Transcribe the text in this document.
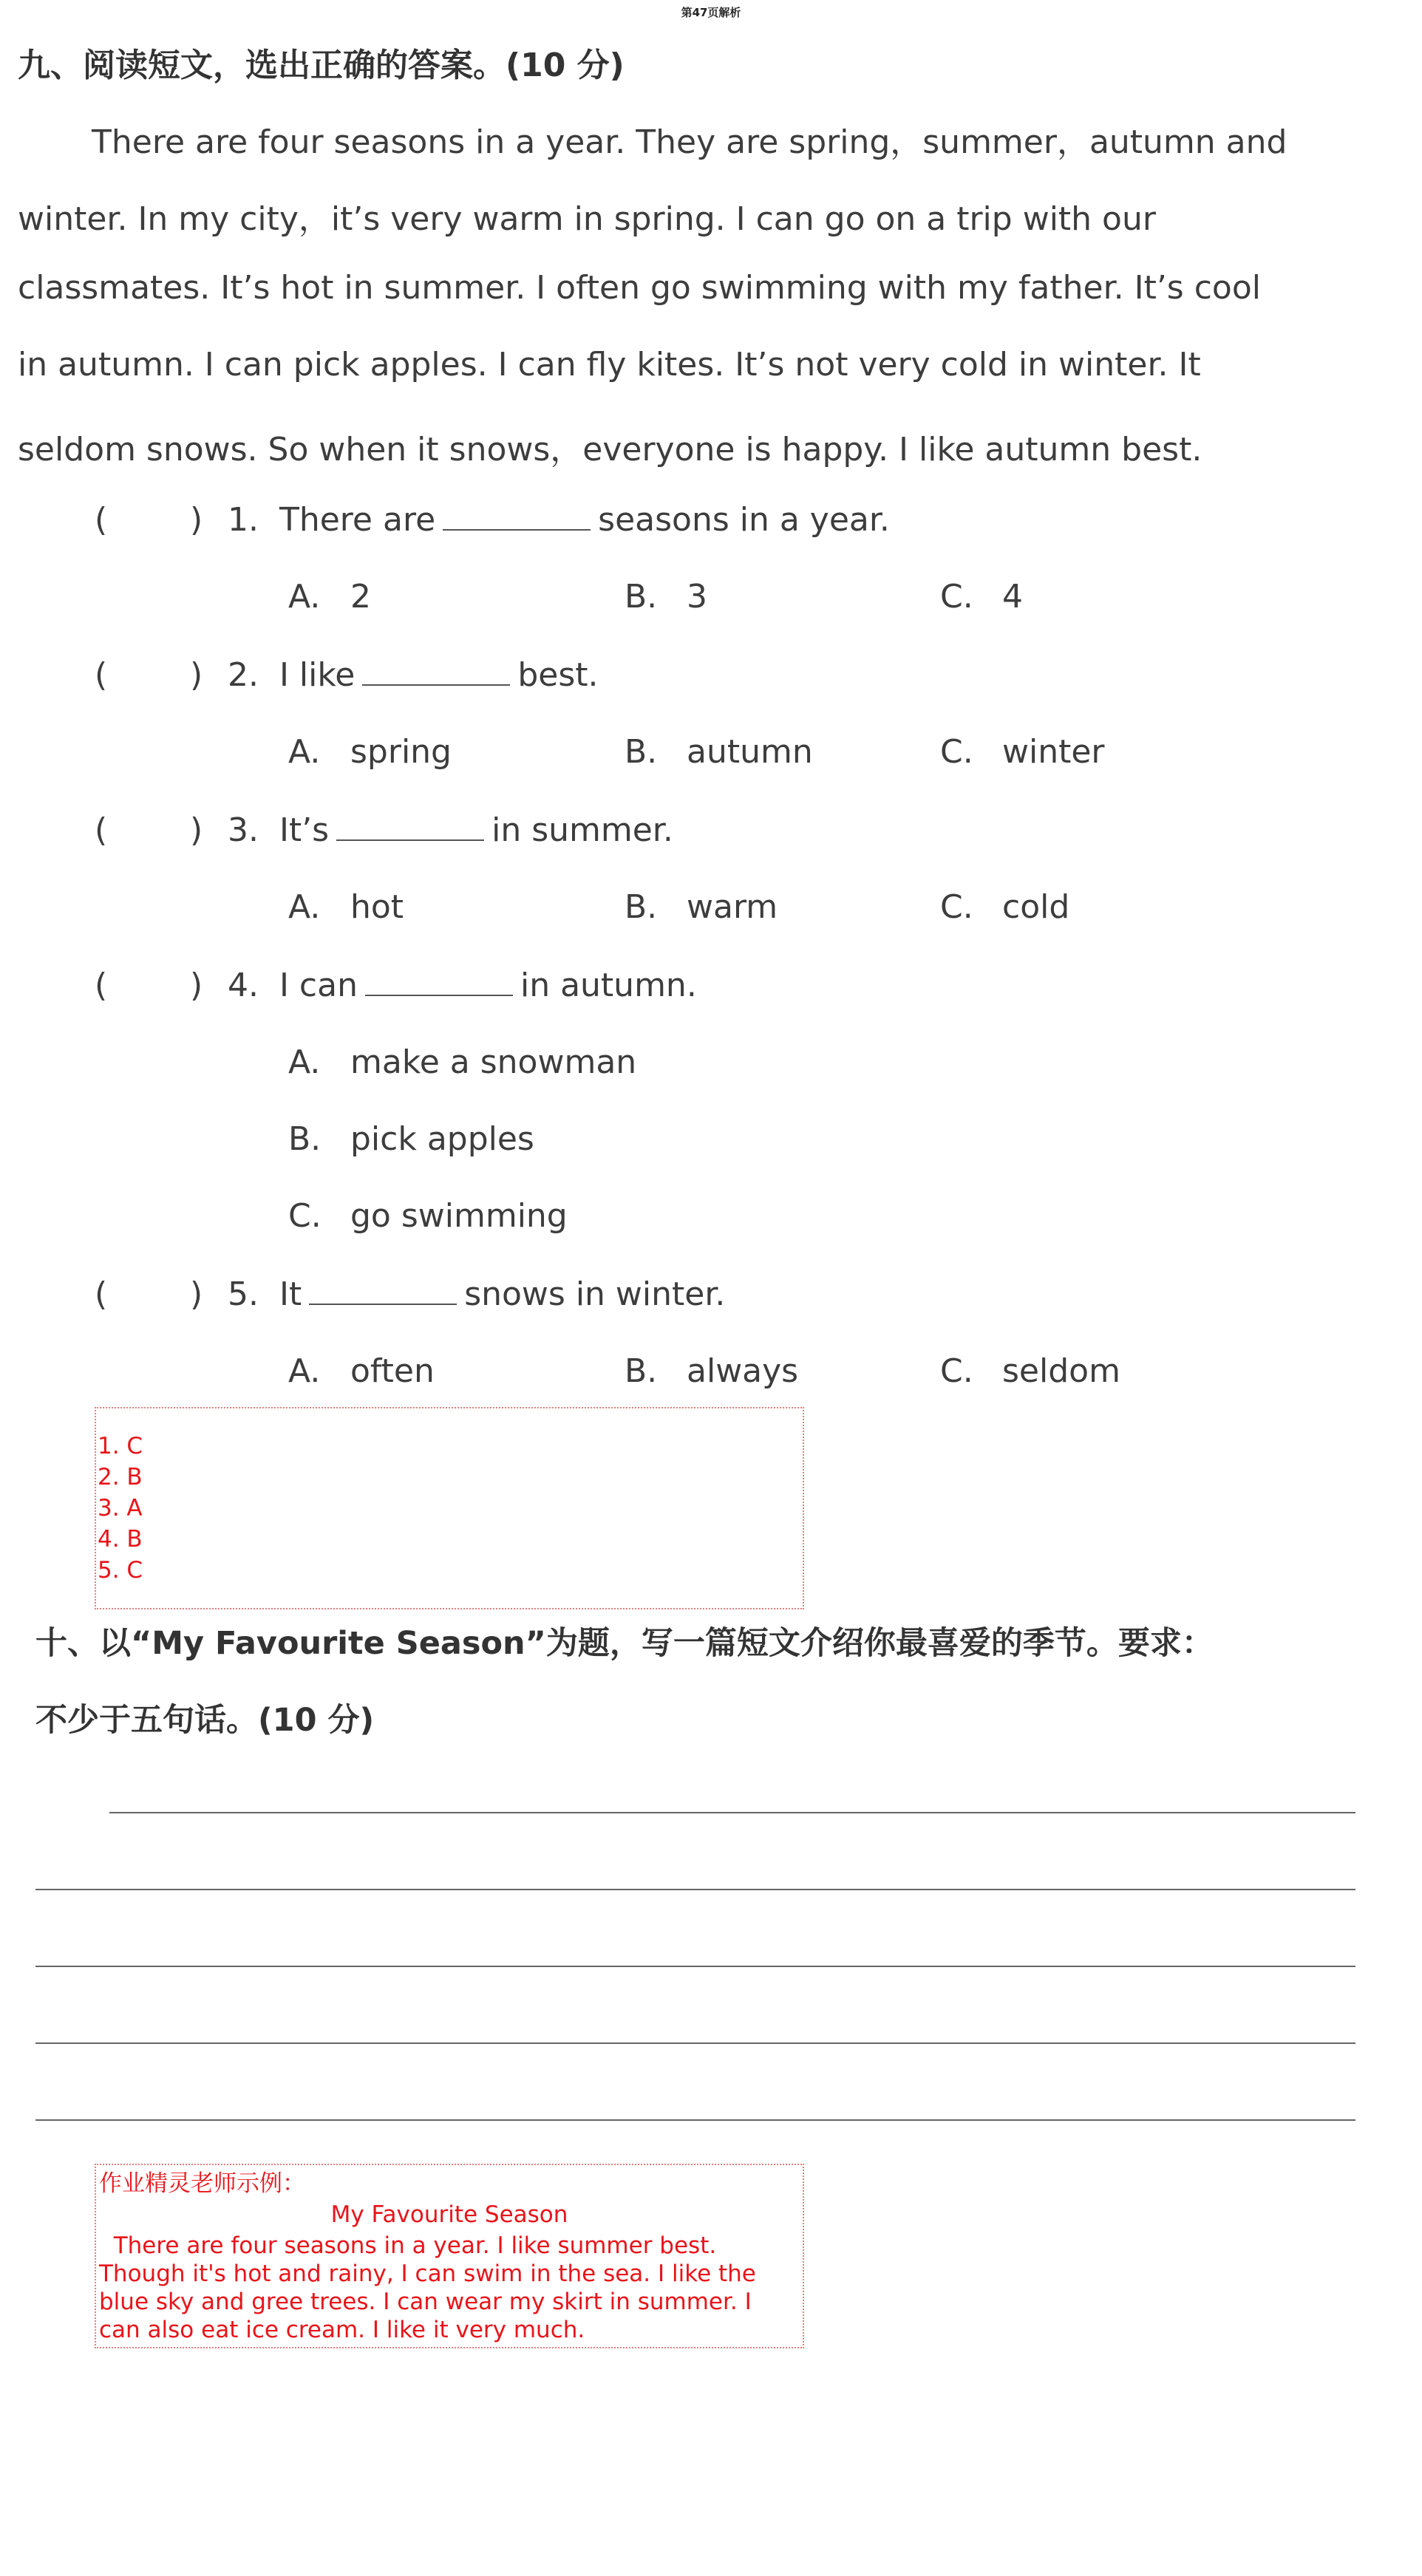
第47页解析
九、阅读短文，选出正确的答案。(10 分)
There are four seasons in a year. They are spring，summer，autumn and
winter. In my city，it’s very warm in spring. I can go on a trip with our
classmates. It’s hot in summer. I often go swimming with my father. It’s cool
in autumn. I can pick apples. I can fly kites. It’s not very cold in winter. It
seldom snows. So when it snows，everyone is happy. I like autumn best.
(        ) 1. There are	seasons in a year.
A. 2	B. 3	C. 4
(        ) 2. I like	best.
A. spring	B. autumn	C. winter
(        ) 3. It’s	in summer.
A. hot	B. warm	C. cold
(        ) 4. I can	in autumn.
A. make a snowman
B. pick apples
C. go swimming
(        ) 5. It	snows in winter.
A. often	B. always	C. seldom
1. C
2. B
3. A
4. B
5. C
十、以“My Favourite Season”为题，写一篇短文介绍你最喜爱的季节。要求：
不少于五句话。(10 分)
作业精灵老师示例：
My Favourite Season
There are four seasons in a year. I like summer best.
Though it's hot and rainy, I can swim in the sea. I like the
blue sky and gree trees. I can wear my skirt in summer. I
can also eat ice cream. I like it very much.
